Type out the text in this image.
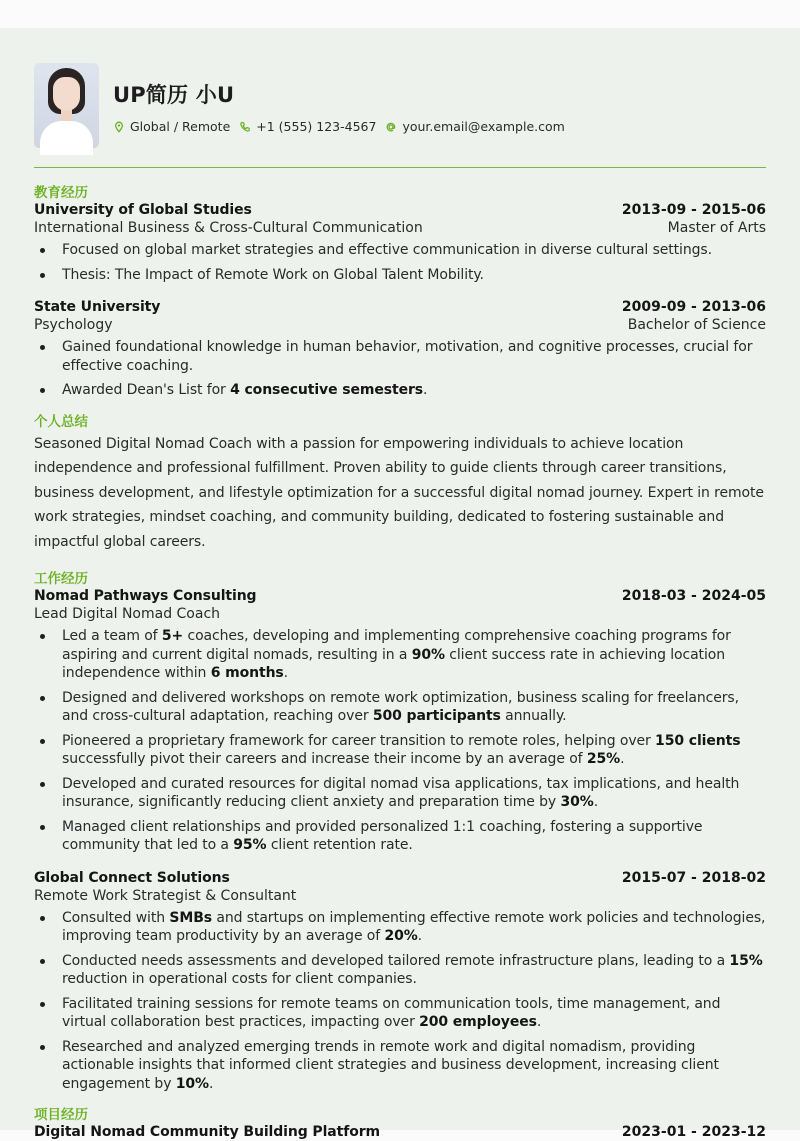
UP简历 小U
Global / Remote +1 (555) 123-4567 your.email@example.com
教育经历
University of Global Studies	2013-09 - 2015-06
International Business & Cross-Cultural Communication	Master of Arts
Focused on global market strategies and effective communication in diverse cultural settings.
Thesis: The Impact of Remote Work on Global Talent Mobility.
State University	2009-09 - 2013-06
Psychology	Bachelor of Science
Gained foundational knowledge in human behavior, motivation, and cognitive processes, crucial for effective coaching.
Awarded Dean's List for 4 consecutive semesters.
个人总结
Seasoned Digital Nomad Coach with a passion for empowering individuals to achieve location independence and professional fulfillment. Proven ability to guide clients through career transitions, business development, and lifestyle optimization for a successful digital nomad journey. Expert in remote work strategies, mindset coaching, and community building, dedicated to fostering sustainable and impactful global careers.
工作经历
Nomad Pathways Consulting	2018-03 - 2024-05
Lead Digital Nomad Coach
Led a team of 5+ coaches, developing and implementing comprehensive coaching programs for aspiring and current digital nomads, resulting in a 90% client success rate in achieving location independence within 6 months.
Designed and delivered workshops on remote work optimization, business scaling for freelancers, and cross-cultural adaptation, reaching over 500 participants annually.
Pioneered a proprietary framework for career transition to remote roles, helping over 150 clients successfully pivot their careers and increase their income by an average of 25%.
Developed and curated resources for digital nomad visa applications, tax implications, and health insurance, significantly reducing client anxiety and preparation time by 30%.
Managed client relationships and provided personalized 1:1 coaching, fostering a supportive community that led to a 95% client retention rate.
Global Connect Solutions	2015-07 - 2018-02
Remote Work Strategist & Consultant
Consulted with SMBs and startups on implementing effective remote work policies and technologies, improving team productivity by an average of 20%.
Conducted needs assessments and developed tailored remote infrastructure plans, leading to a 15% reduction in operational costs for client companies.
Facilitated training sessions for remote teams on communication tools, time management, and virtual collaboration best practices, impacting over 200 employees.
Researched and analyzed emerging trends in remote work and digital nomadism, providing actionable insights that informed client strategies and business development, increasing client engagement by 10%.
项目经历
Digital Nomad Community Building Platform	2023-01 - 2023-12
